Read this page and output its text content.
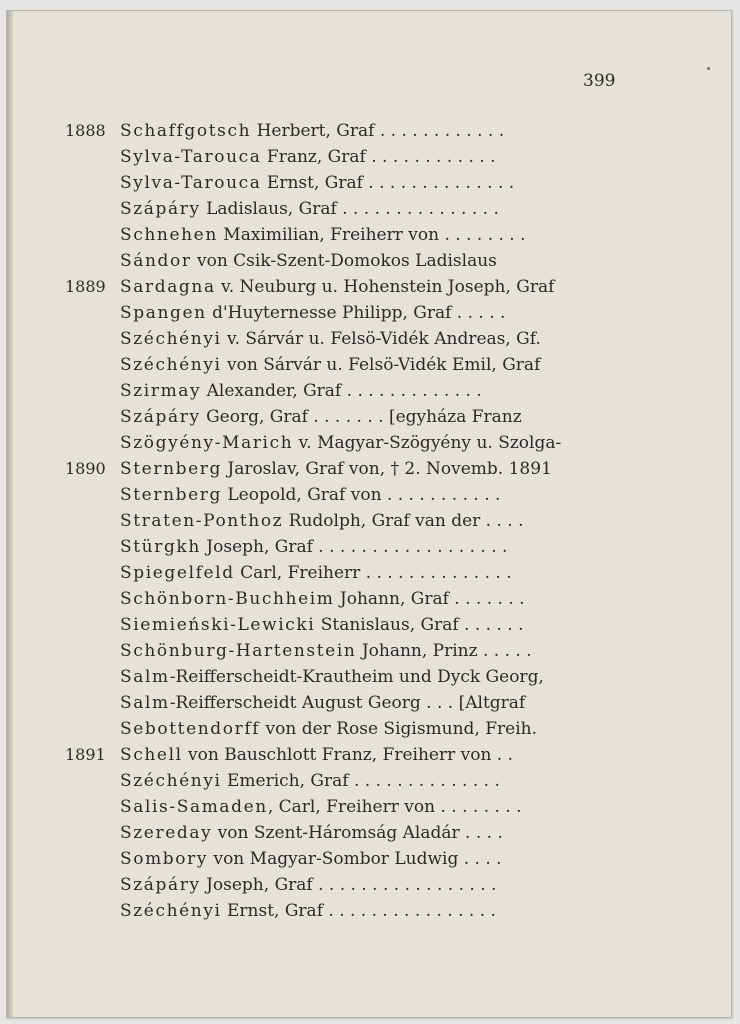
399
1888 Schaffgotsch Herbert, Graf . . . . . . . . . . . .
Sylva-Tarouca Franz, Graf . . . . . . . . . . . .
Sylva-Tarouca Ernst, Graf . . . . . . . . . . . . . .
Szápáry Ladislaus, Graf . . . . . . . . . . . . . . .
Schnehen Maximilian, Freiherr von . . . . . . . .
Sándor von Csik-Szent-Domokos Ladislaus
1889 Sardagna v. Neuburg u. Hohenstein Joseph, Graf
Spangen d'Huyternesse Philipp, Graf . . . . .
Széchényi v. Sárvár u. Felsö-Vidék Andreas, Gf.
Széchényi von Sárvár u. Felsö-Vidék Emil, Graf
Szirmay Alexander, Graf . . . . . . . . . . . . .
Szápáry Georg, Graf . . . . . . . [egyháza Franz
Szögyény-Marich v. Magyar-Szögyény u. Szolga-
1890 Sternberg Jaroslav, Graf von, † 2. Novemb. 1891
Sternberg Leopold, Graf von . . . . . . . . . . .
Straten-Ponthoz Rudolph, Graf van der . . . .
Stürgkh Joseph, Graf . . . . . . . . . . . . . . . . . .
Spiegelfeld Carl, Freiherr . . . . . . . . . . . . . .
Schönborn-Buchheim Johann, Graf . . . . . . .
Siemieński-Lewicki Stanislaus, Graf . . . . . .
Schönburg-Hartenstein Johann, Prinz . . . . .
Salm-Reifferscheidt-Krautheim und Dyck Georg,
Salm-Reifferscheidt August Georg . . . [Altgraf
Sebottendorff von der Rose Sigismund, Freih.
1891 Schell von Bauschlott Franz, Freiherr von . .
Széchényi Emerich, Graf . . . . . . . . . . . . . .
Salis-Samaden, Carl, Freiherr von . . . . . . . .
Szereday von Szent-Háromság Aladár . . . .
Sombory von Magyar-Sombor Ludwig . . . .
Szápáry Joseph, Graf . . . . . . . . . . . . . . . . .
Széchényi Ernst, Graf . . . . . . . . . . . . . . . .
